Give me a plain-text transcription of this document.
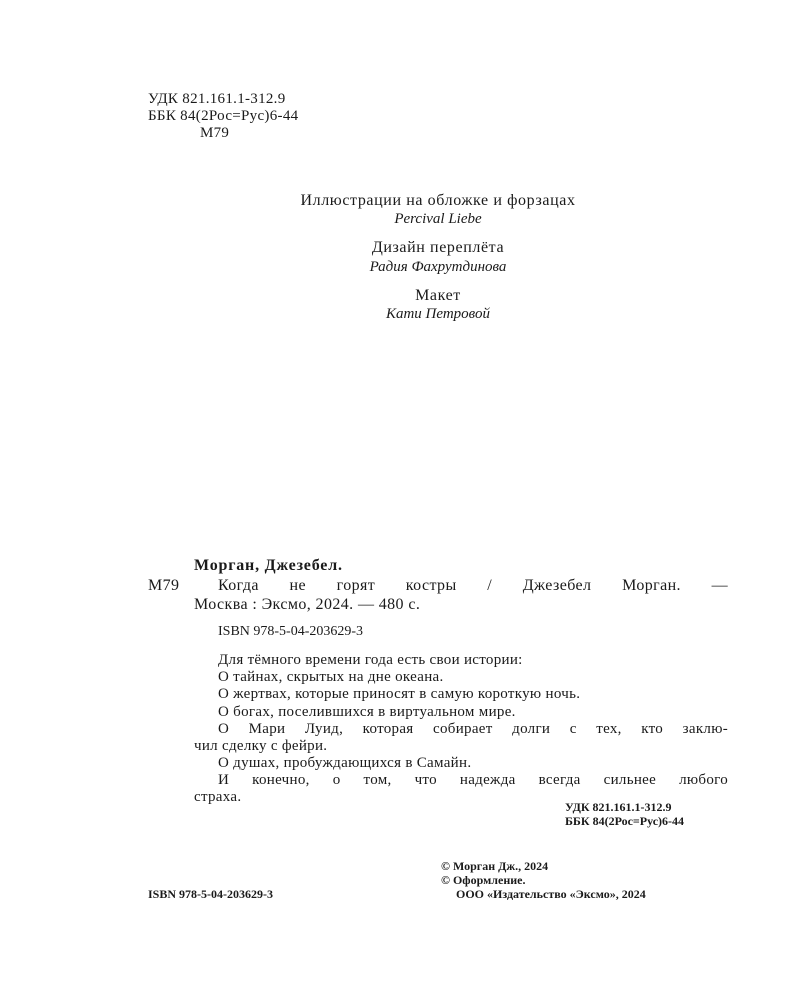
УДК 821.161.1-312.9
ББК 84(2Рос=Рус)6-44
М79
Иллюстрации на обложке и форзацах
Percival Liebe
Дизайн переплёта
Радия Фахрутдинова
Макет
Кати Петровой
Морган, Джезебел.
М79 Когда не горят костры / Джезебел Морган. —
Москва : Эксмо, 2024. — 480 с.
ISBN 978-5-04-203629-3
Для тёмного времени года есть свои истории:
О тайнах, скрытых на дне океана.
О жертвах, которые приносят в самую короткую ночь.
О богах, поселившихся в виртуальном мире.
О Мари Луид, которая собирает долги с тех, кто заклю-
чил сделку с фейри.
О душах, пробуждающихся в Самайн.
И конечно, о том, что надежда всегда сильнее любого
страха.
УДК 821.161.1-312.9
ББК 84(2Рос=Рус)6-44
© Морган Дж., 2024
© Оформление.
ISBN 978-5-04-203629-3	ООО «Издательство «Эксмо», 2024
